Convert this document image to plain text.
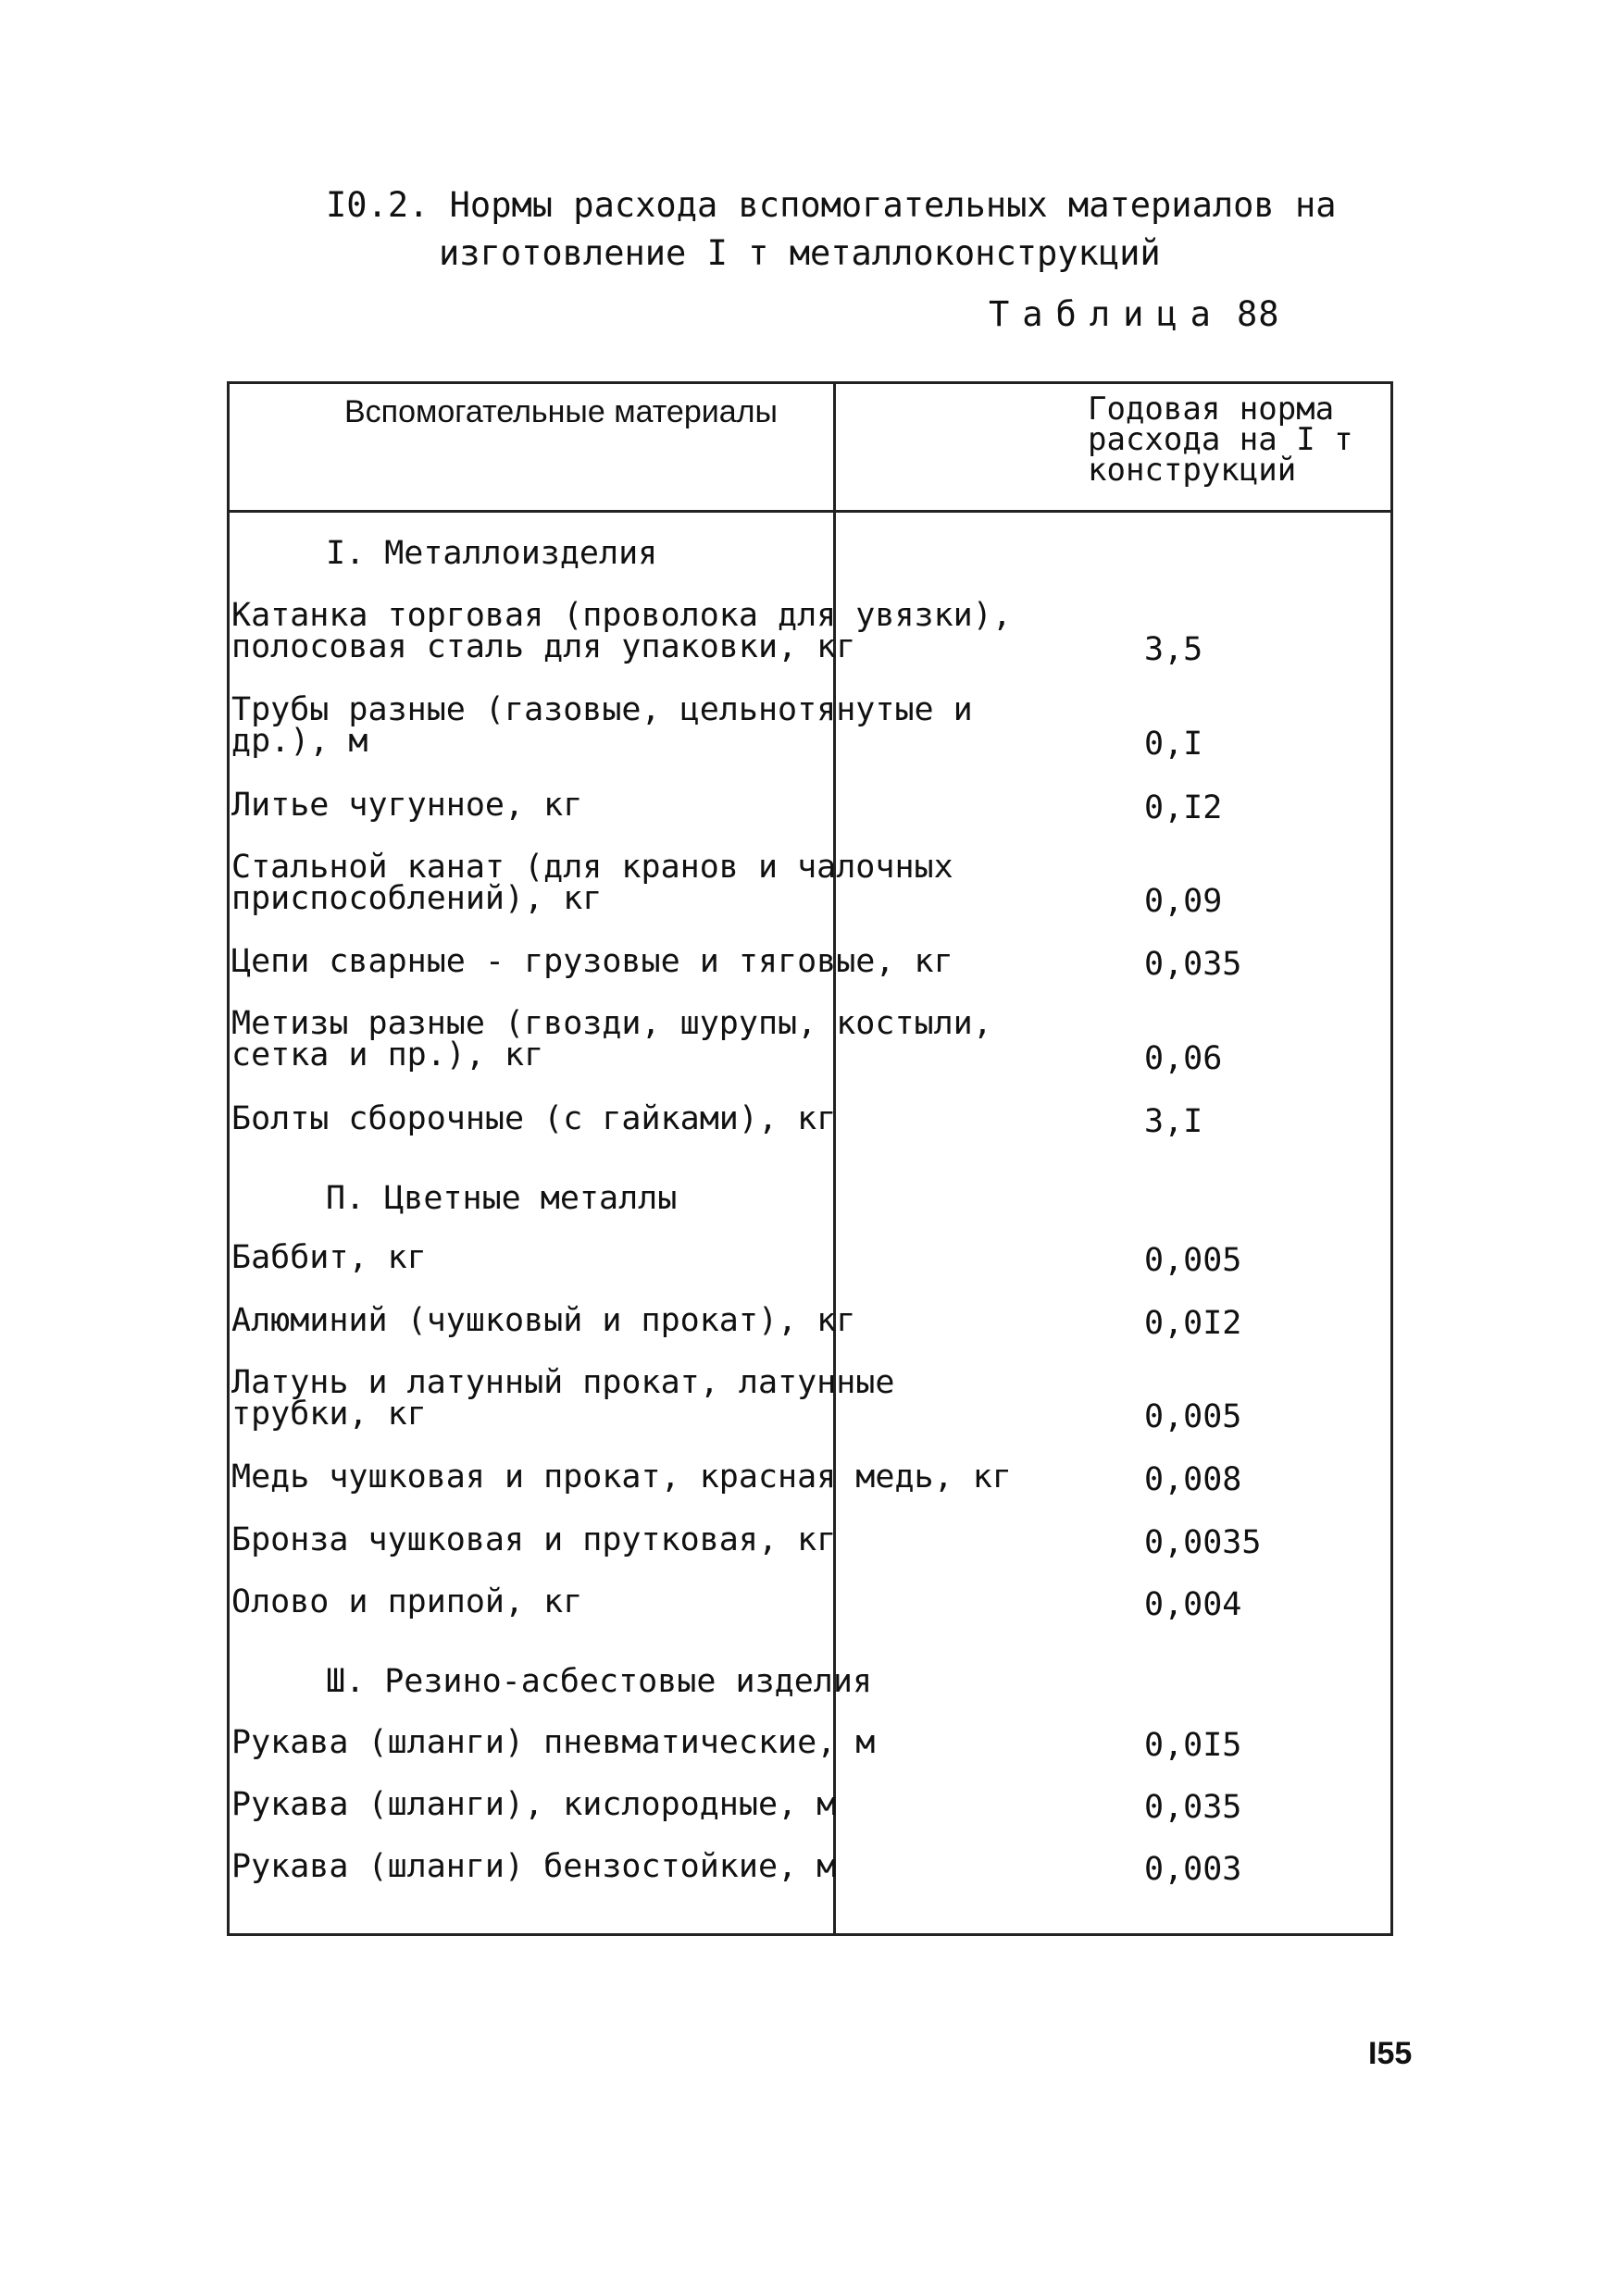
I0.2. Нормы расхода вспомогательных материалов на
изготовление I т металлоконструкций
Таблица 88
Вспомогательные материалы	Годовая норма расхода на I т конструкций
I. Металлоизделия
Катанка торговая (проволока для увязки),
полосовая сталь для упаковки, кг	3,5
Трубы разные (газовые, цельнотянутые и
др.), м	0,I
Литье чугунное, кг	0,I2
Стальной канат (для кранов и чалочных
приспособлений), кг	0,09
Цепи сварные - грузовые и тяговые, кг	0,035
Метизы разные (гвозди, шурупы, костыли,
сетка и пр.), кг	0,06
Болты сборочные (с гайками), кг	3,I
П. Цветные металлы
Баббит, кг	0,005
Алюминий (чушковый и прокат), кг	0,0I2
Латунь и латунный прокат, латунные
трубки, кг	0,005
Медь чушковая и прокат, красная медь, кг	0,008
Бронза чушковая и прутковая, кг	0,0035
Олово и припой, кг	0,004
Ш. Резино-асбестовые изделия
Рукава (шланги) пневматические, м	0,0I5
Рукава (шланги), кислородные, м	0,035
Рукава (шланги) бензостойкие, м	0,003
I55
